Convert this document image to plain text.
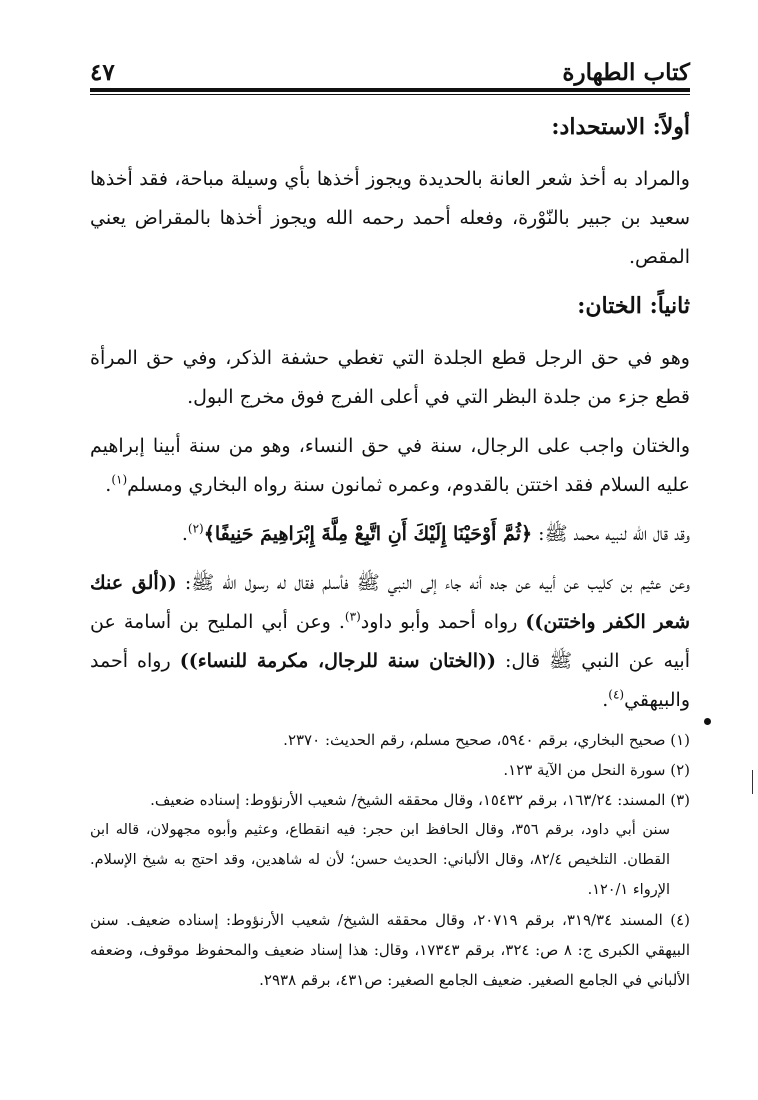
كتاب الطهارة
٤٧
أولاً: الاستحداد:

والمراد به أخذ شعر العانة بالحديدة ويجوز أخذها بأي وسيلة مباحة، فقد أخذها سعيد بن جبير بالنّوْرة، وفعله أحمد رحمه الله ويجوز أخذها بالمقراض يعني المقص.

ثانياً: الختان:

وهو في حق الرجل قطع الجلدة التي تغطي حشفة الذكر، وفي حق المرأة قطع جزء من جلدة البظر التي في أعلى الفرج فوق مخرج البول.

والختان واجب على الرجال، سنة في حق النساء، وهو من سنة أبينا إبراهيم عليه السلام فقد اختتن بالقدوم، وعمره ثمانون سنة رواه البخاري ومسلم$^{(١)}$.

وقد قال الله لنبيه محمد ﷺ: ﴿ثُمَّ أَوْحَيْنَا إِلَيْكَ أَنِ اتَّبِعْ مِلَّةَ إِبْرَاهِيمَ حَنِيفًا﴾$^{(٢)}$.

وعن عثيم بن كليب عن أبيه عن جده أنه جاء إلى النبي ﷺ فأسلم فقال له رسول الله ﷺ: ((ألق عنك شعر الكفر واختتن)) رواه أحمد وأبو داود$^{(٣)}$. وعن أبي المليح بن أسامة عن أبيه عن النبي ﷺ قال: ((الختان سنة للرجال، مكرمة للنساء)) رواه أحمد والبيهقي$^{(٤)}$.

(١) صحيح البخاري، برقم ٥٩٤٠، صحيح مسلم، رقم الحديث: ٢٣٧٠.

(٢) سورة النحل من الآية ١٢٣.

(٣) المسند: ١٦٣/٢٤، برقم ١٥٤٣٢، وقال محققه الشيخ/ شعيب الأرنؤوط: إسناده ضعيف.
سنن أبي داود، برقم ٣٥٦، وقال الحافظ ابن حجر: فيه انقطاع، وعثيم وأبوه مجهولان، قاله ابن القطان. التلخيص ٨٢/٤، وقال الألباني: الحديث حسن؛ لأن له شاهدين، وقد احتج به شيخ الإسلام. الإرواء ١٢٠/١.

(٤) المسند ٣١٩/٣٤، برقم ٢٠٧١٩، وقال محققه الشيخ/ شعيب الأرنؤوط: إسناده ضعيف. سنن البيهقي الكبرى ج: ٨ ص: ٣٢٤، برقم ١٧٣٤٣، وقال: هذا إسناد ضعيف والمحفوظ موقوف، وضعفه الألباني في الجامع الصغير. ضعيف الجامع الصغير: ص٤٣١، برقم ٢٩٣٨.
